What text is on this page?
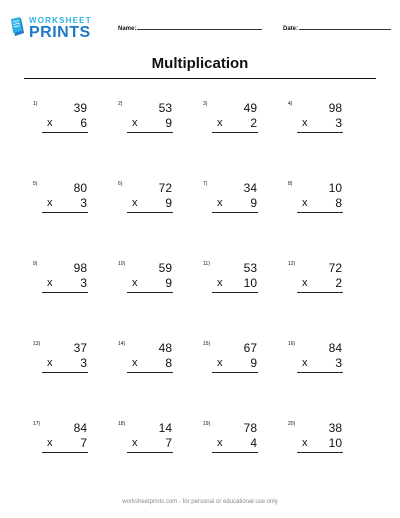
WORKSHEET
PRINTS	Name:	Date:
Multiplication
1)	39
x 6
2)	53
x 9
3)	49
x 2
4)	98
x 3
5)	80
x 3
6)	72
x 9
7)	34
x 9
8)	10
x 8
9)	98
x 3
10)	59
x 9
11)	53
x 10
12)	72
x 2
13)	37
x 3
14)	48
x 8
15)	67
x 9
16)	84
x 3
17)	84
x 7
18)	14
x 7
19)	78
x 4
20)	38
x 10
worksheetprints.com - for personal or educational use only
